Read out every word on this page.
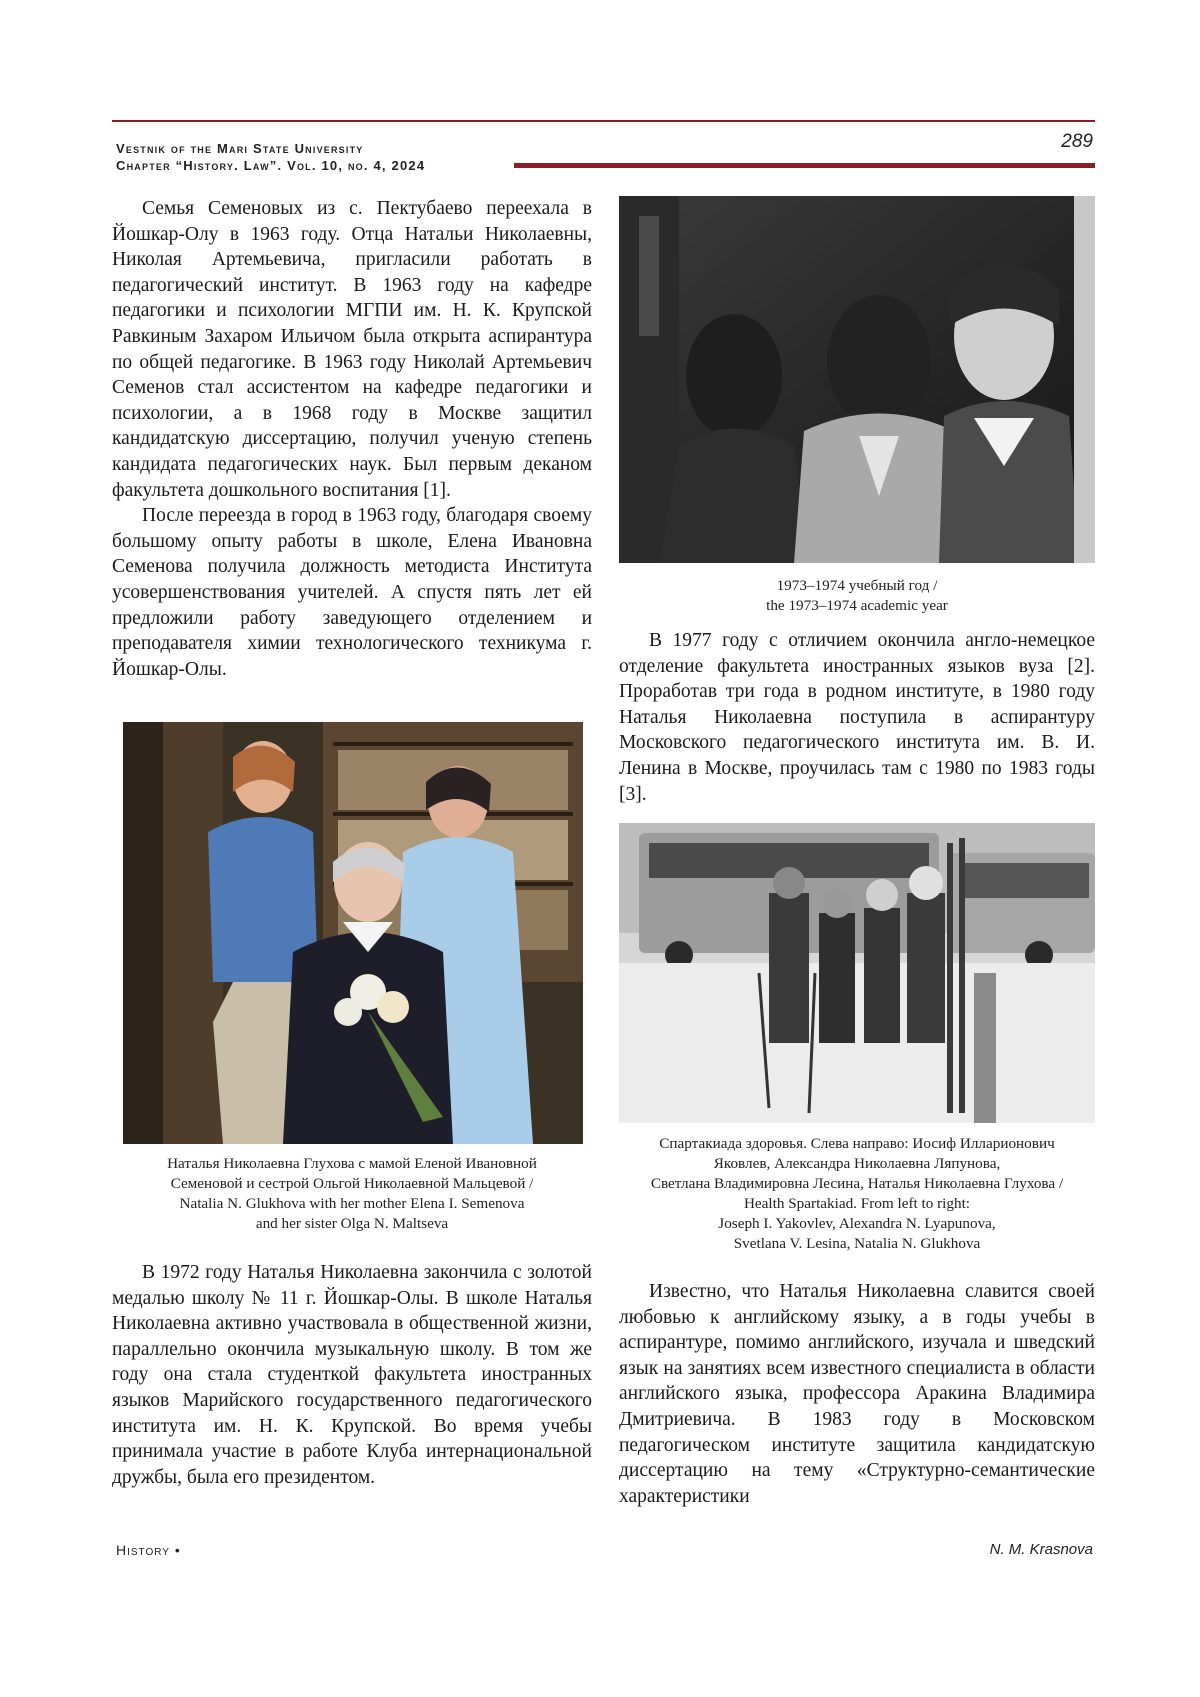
Vestnik of the Mari State University
Chapter “History. Law”. Vol. 10, no. 4, 2024
289

Семья Семеновых из с. Пектубаево переехала в Йошкар-Олу в 1963 году. Отца Натальи Николаевны, Николая Артемьевича, пригласили работать в педагогический институт. В 1963 году на кафедре педагогики и психологии МГПИ им. Н. К. Крупской Равкиным Захаром Ильичом была открыта аспирантура по общей педагогике. В 1963 году Николай Артемьевич Семенов стал ассистентом на кафедре педагогики и психологии, а в 1968 году в Москве защитил кандидатскую диссертацию, получил ученую степень кандидата педагогических наук. Был первым деканом факультета дошкольного воспитания [1].

После переезда в город в 1963 году, благодаря своему большому опыту работы в школе, Елена Ивановна Семенова получила должность методиста Института усовершенствования учителей. А спустя пять лет ей предложили работу заведующего отделением и преподавателя химии технологического техникума г. Йошкар-Олы.

1973–1974 учебный год /
the 1973–1974 academic year

В 1977 году с отличием окончила англо-немецкое отделение факультета иностранных языков вуза [2]. Проработав три года в родном институте, в 1980 году Наталья Николаевна поступила в аспирантуру Московского педагогического института им. В. И. Ленина в Москве, проучилась там с 1980 по 1983 годы [3].

Наталья Николаевна Глухова с мамой Еленой Ивановной
Семеновой и сестрой Ольгой Николаевной Мальцевой /
Natalia N. Glukhova with her mother Elena I. Semenova
and her sister Olga N. Maltseva

В 1972 году Наталья Николаевна закончила с золотой медалью школу № 11 г. Йошкар-Олы. В школе Наталья Николаевна активно участвовала в общественной жизни, параллельно окончила музыкальную школу. В том же году она стала студенткой факультета иностранных языков Марийского государственного педагогического института им. Н. К. Крупской. Во время учебы принимала участие в работе Клуба интернациональной дружбы, была его президентом.

Спартакиада здоровья. Слева направо: Иосиф Илларионович
Яковлев, Александра Николаевна Ляпунова,
Светлана Владимировна Лесина, Наталья Николаевна Глухова /
Health Spartakiad. From left to right:
Joseph I. Yakovlev, Alexandra N. Lyapunova,
Svetlana V. Lesina, Natalia N. Glukhova

Известно, что Наталья Николаевна славится своей любовью к английскому языку, а в годы учебы в аспирантуре, помимо английского, изучала и шведский язык на занятиях всем известного специалиста в области английского языка, профессора Аракина Владимира Дмитриевича. В 1983 году в Московском педагогическом институте защитила кандидатскую диссертацию на тему «Структурно-семантические характеристики

History •	N. M. Krasnova
